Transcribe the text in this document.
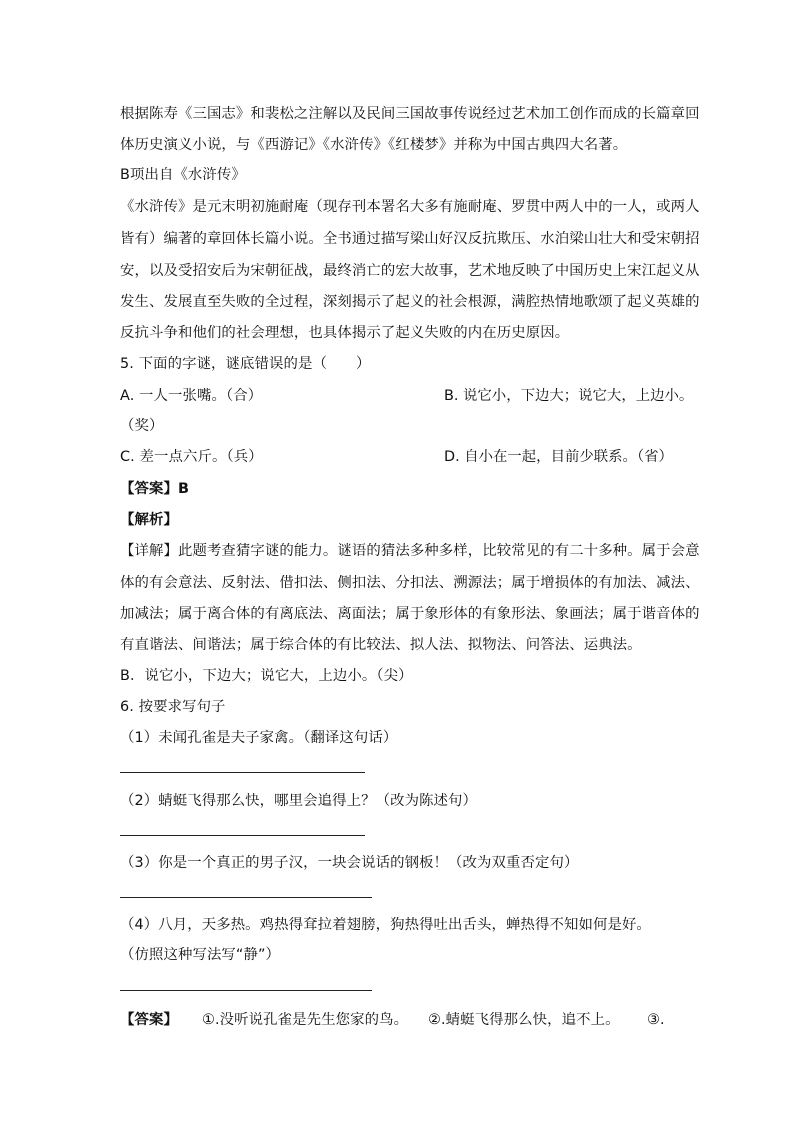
根据陈寿《三国志》和裴松之注解以及民间三国故事传说经过艺术加工创作而成的长篇章回
体历史演义小说，与《西游记》《水浒传》《红楼梦》并称为中国古典四大名著。
B项出自《水浒传》
《水浒传》是元末明初施耐庵（现存刊本署名大多有施耐庵、罗贯中两人中的一人，或两人
皆有）编著的章回体长篇小说。全书通过描写梁山好汉反抗欺压、水泊梁山壮大和受宋朝招
安，以及受招安后为宋朝征战，最终消亡的宏大故事，艺术地反映了中国历史上宋江起义从
发生、发展直至失败的全过程，深刻揭示了起义的社会根源，满腔热情地歌颂了起义英雄的
反抗斗争和他们的社会理想，也具体揭示了起义失败的内在历史原因。
5. 下面的字谜，谜底错误的是（　　）
A. 一人一张嘴。（合）	B. 说它小，下边大；说它大，上边小。
（奖）
C. 差一点六斤。（兵）	D. 自小在一起，目前少联系。（省）
【答案】B
【解析】
【详解】此题考查猜字谜的能力。谜语的猜法多种多样，比较常见的有二十多种。属于会意
体的有会意法、反射法、借扣法、侧扣法、分扣法、溯源法；属于增损体的有加法、减法、
加减法；属于离合体的有离底法、离面法；属于象形体的有象形法、象画法；属于谐音体的
有直谐法、间谐法；属于综合体的有比较法、拟人法、拟物法、问答法、运典法。
B．说它小，下边大；说它大，上边小。（尖）
6. 按要求写句子
（1）未闻孔雀是夫子家禽。（翻译这句话）
（2）蜻蜓飞得那么快，哪里会追得上？（改为陈述句）
（3）你是一个真正的男子汉，一块会说话的钢板！（改为双重否定句）
（4）八月，天多热。鸡热得耷拉着翅膀，狗热得吐出舌头，蝉热得不知如何是好。
（仿照这种写法写“静”）
【答案】 ①.没听说孔雀是先生您家的鸟。 ②.蜻蜓飞得那么快，追不上。 ③.
